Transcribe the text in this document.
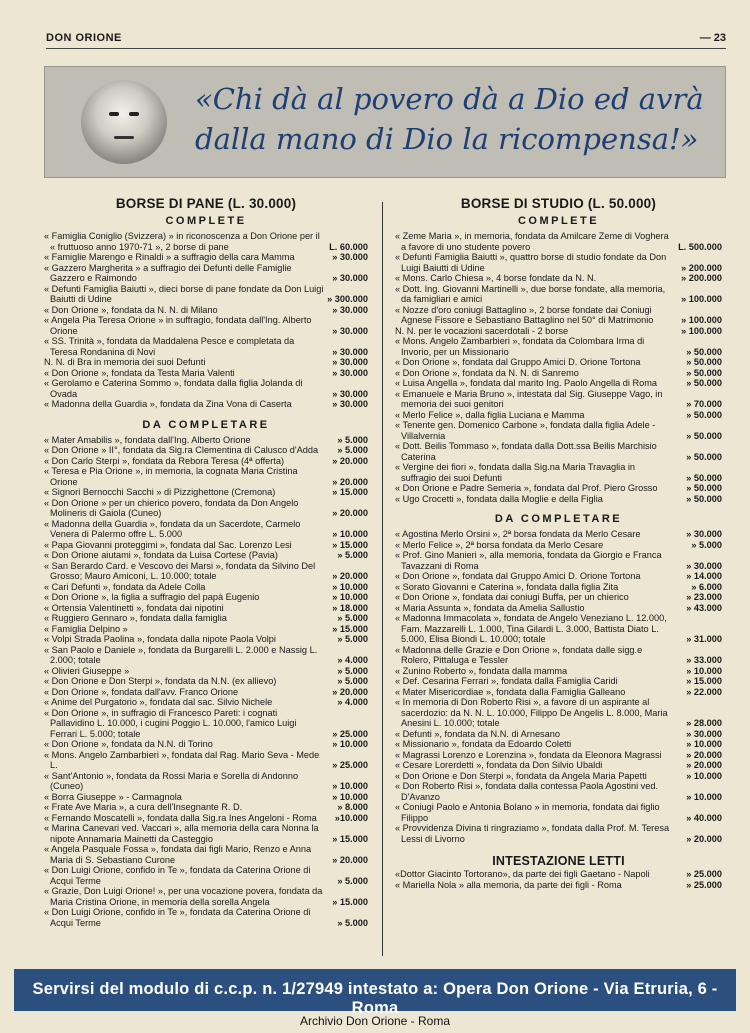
DON ORIONE	— 23
«Chi dà al povero dà a Dio ed avrà
dalla mano di Dio la ricompensa!»
BORSE DI PANE (L. 30.000)
COMPLETE
« Famiglia Coniglio (Svizzera) » in riconoscenza a Don Orione per il « fruttuoso anno 1970-71 », 2 borse di pane	L. 60.000
« Famiglie Marengo e Rinaldi » a suffragio della cara Mamma	» 30.000
« Gazzero Margherita » a suffragio dei Defunti delle Famiglie Gazzero e Raimondo	» 30.000
« Defunti Famiglia Baiutti », dieci borse di pane fondate da Don Luigi Baiutti di Udine	» 300.000
« Don Orione », fondata da N. N. di Milano	» 30.000
« Angela Pia Teresa Orione » in suffragio, fondata dall'Ing. Alberto Orione	» 30.000
« SS. Trinità », fondata da Maddalena Pesce e completata da Teresa Rondanina di Novi	» 30.000
N. N. di Bra in memoria dei suoi Defunti	» 30.000
« Don Orione », fondata da Testa Maria Valenti	» 30.000
« Gerolamo e Caterina Sommo », fondata dalla figlia Jolanda di Ovada	» 30.000
« Madonna della Guardia », fondata da Zina Vona di Caserta	» 30.000
DA COMPLETARE
« Mater Amabilis », fondata dall'Ing. Alberto Orione	» 5.000
« Don Orione » II°, fondata da Sig.ra Clementina di Calusco d'Adda	» 5.000
« Don Carlo Sterpi », fondata da Rebora Teresa (4ª offerta)	» 20.000
« Teresa e Pia Orione », in memoria, la cognata Maria Cristina Orione	» 20.000
« Signori Bernocchi Sacchi » di Pizzighettone (Cremona)	» 15.000
« Don Orione » per un chierico povero, fondata da Don Angelo Molineris di Gaiola (Cuneo)	» 20.000
« Madonna della Guardia », fondata da un Sacerdote, Carmelo Venera di Palermo offre L. 5.000	» 10.000
« Papa Giovanni proteggimi », fondata dal Sac. Lorenzo Lesi	» 15.000
« Don Orione aiutami », fondata da Luisa Cortese (Pavia)	» 5.000
« San Berardo Card. e Vescovo dei Marsi », fondata da Silvino Del Grosso; Mauro Amiconi, L. 10.000; totale	» 20.000
« Cari Defunti », fondata da Adele Colla	» 10.000
« Don Orione », la figlia a suffragio del papà Eugenio	» 10.000
« Ortensia Valentinetti », fondata dai nipotini	» 18.000
« Ruggiero Gennaro », fondata dalla famiglia	» 5.000
« Famiglia Delpino »	» 15.000
« Volpi Strada Paolina », fondata dalla nipote Paola Volpi	» 5.000
« San Paolo e Daniele », fondata da Burgarelli L. 2.000 e Nassig L. 2.000; totale	» 4.000
« Olivieri Giuseppe »	» 5.000
« Don Orione e Don Sterpi », fondata da N.N. (ex allievo)	» 5.000
« Don Orione », fondata dall'avv. Franco Orione	» 20.000
« Anime del Purgatorio », fondata dal sac. Silvio Nichele	» 4.000
« Don Orione », in suffragio di Francesco Pareti: i cognati Pallavidino L. 10.000, i cugini Poggio L. 10.000, l'amico Luigi Ferrari L. 5.000; totale	» 25.000
« Don Orione », fondata da N.N. di Torino	» 10.000
« Mons. Angelo Zambarbieri », fondata dal Rag. Mario Seva - Mede L.	» 25.000
« Sant'Antonio », fondata da Rossi Maria e Sorella di Andonno (Cuneo)	» 10.000
« Borra Giuseppe » - Carmagnola	» 10.000
« Frate Ave Maria », a cura dell'Insegnante R. D.	» 8.000
« Fernando Moscatelli », fondata dalla Sig.ra Ines Angeloni - Roma	»10.000
« Marina Canevari ved. Vaccari », alla memoria della cara Nonna la nipote Annamaria Mainetti da Casteggio	» 15.000
« Angela Pasquale Fossa », fondata dai figli Mario, Renzo e Anna Maria di S. Sebastiano Curone	» 20.000
« Don Luigi Orione, confido in Te », fondata da Caterina Orione di Acqui Terme	» 5.000
« Grazie, Don Luigi Orione! », per una vocazione povera, fondata da Maria Cristina Orione, in memoria della sorella Angela	» 15.000
« Don Luigi Orione, confido in Te », fondata da Caterina Orione di Acqui Terme	» 5.000
BORSE DI STUDIO (L. 50.000)
COMPLETE
« Zeme Maria », in memoria, fondata da Amilcare Zeme di Voghera a favore di uno studente povero	L. 500.000
« Defunti Famiglia Baiutti », quattro borse di studio fondate da Don Luigi Baiutti di Udine	» 200.000
« Mons. Carlo Chiesa », 4 borse fondate da N. N.	» 200.000
« Dott. Ing. Giovanni Martinelli », due borse fondate, alla memoria, da famigliari e amici	» 100.000
« Nozze d'oro coniugi Battaglino », 2 borse fondate dai Coniugi Agnese Fissore e Sebastiano Battaglino nel 50° di Matrimonio	» 100.000
N. N. per le vocazioni sacerdotali - 2 borse	» 100.000
« Mons. Angelo Zambarbieri », fondata da Colombara Irma di Invorio, per un Missionario	» 50.000
« Don Orione », fondata dal Gruppo Amici D. Orione Tortona	» 50.000
« Don Orione », fondata da N. N. di Sanremo	» 50.000
« Luisa Angella », fondata dal marito Ing. Paolo Angella di Roma	» 50.000
« Emanuele e Maria Bruno », intestata dal Sig. Giuseppe Vago, in memoria dei suoi genitori	» 70.000
« Merlo Felice », dalla figlia Luciana e Mamma	» 50.000
« Tenente gen. Domenico Carbone », fondata dalla figlia Adele - Villalvernia	» 50.000
« Dott. Beilis Tommaso », fondata dalla Dott.ssa Beilis Marchisio Caterina	» 50.000
« Vergine dei fiori », fondata dalla Sig.na Maria Travaglia in suffragio dei suoi Defunti	» 50.000
« Don Orione e Padre Semeria », fondata dal Prof. Piero Grosso	» 50.000
« Ugo Crocetti », fondata dalla Moglie e della Figlia	» 50.000
DA COMPLETARE
« Agostina Merlo Orsini », 2ª borsa fondata da Merlo Cesare	» 30.000
« Merlo Felice », 2ª borsa fondata da Merlo Cesare	» 5.000
« Prof. Gino Manieri », alla memoria, fondata da Giorgio e Franca Tavazzani di Roma	» 30.000
« Don Orione », fondata dal Gruppo Amici D. Orione Tortona	» 14.000
« Sorato Giovanni e Caterina », fondata dalla figlia Zita	» 6.000
« Don Orione », fondata dai coniugi Buffa, per un chierico	» 23.000
« Maria Assunta », fondata da Amelia Sallustio	» 43.000
« Madonna Immacolata », fondata de Angelo Veneziano L. 12.000, Fam. Mazzarelli L. 1.000, Tina Gilardi L. 3.000, Battista Diato L. 5.000, Elisa Biondi L. 10.000; totale	» 31.000
« Madonna delle Grazie e Don Orione », fondata dalle sigg.e Rolero, Pittaluga e Tessler	» 33.000
« Zunino Roberto », fondata dalla mamma	» 10.000
« Def. Cesarina Ferrari », fondata dalla Famiglia Caridi	» 15.000
« Mater Misericordiae », fondata dalla Famiglia Galleano	» 22.000
« In memoria di Don Roberto Risi », a favore di un aspirante al sacerdozio: da N. N. L. 10.000, Filippo De Angelis L. 8.000, Maria Anesini L. 10.000; totale	» 28.000
« Defunti », fondata da N.N. di Arnesano	» 30.000
« Missionario », fondata da Edoardo Coletti	» 10.000
« Magrassi Lorenzo e Lorenzina », fondata da Eleonora Magrassi	» 20.000
« Cesare Lorerdetti », fondata da Don Silvio Ubaldi	» 20.000
« Don Orione e Don Sterpi », fondata da Angela Maria Papetti	» 10.000
« Don Roberto Risi », fondata dalla contessa Paola Agostini ved. D'Avanzo	» 10.000
« Coniugi Paolo e Antonia Bolano » in memoria, fondata dai figlio Filippo	» 40.000
« Provvidenza Divina ti ringraziamo », fondata dalla Prof. M. Teresa Lessi di Livorno	» 20.000
INTESTAZIONE LETTI
«Dottor Giacinto Tortorano», da parte dei figli Gaetano - Napoli	» 25.000
« Mariella Nola » alla memoria, da parte dei figli - Roma	» 25.000
Servirsi del modulo di c.c.p. n. 1/27949 intestato a: Opera Don Orione - Via Etruria, 6 - Roma
Archivio Don Orione - Roma
